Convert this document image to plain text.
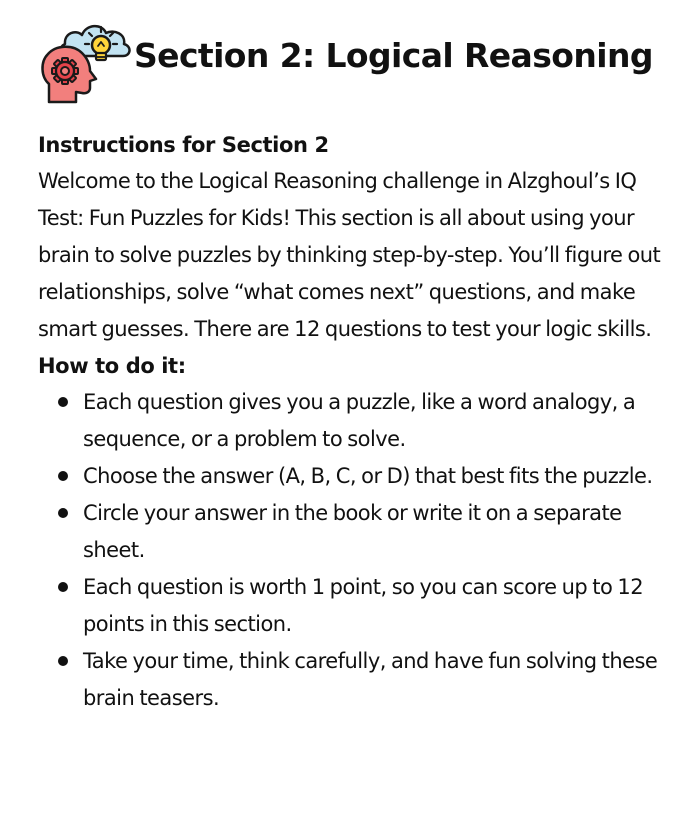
Section 2: Logical Reasoning
Instructions for Section 2

Welcome to the Logical Reasoning challenge in Alzghoul’s IQ Test: Fun Puzzles for Kids! This section is all about using your brain to solve puzzles by thinking step-by-step. You’ll figure out relationships, solve “what comes next” questions, and make smart guesses. There are 12 questions to test your logic skills.

How to do it:
Each question gives you a puzzle, like a word analogy, a sequence, or a problem to solve.
Choose the answer (A, B, C, or D) that best fits the puzzle.
Circle your answer in the book or write it on a separate sheet.
Each question is worth 1 point, so you can score up to 12 points in this section.
Take your time, think carefully, and have fun solving these brain teasers.
